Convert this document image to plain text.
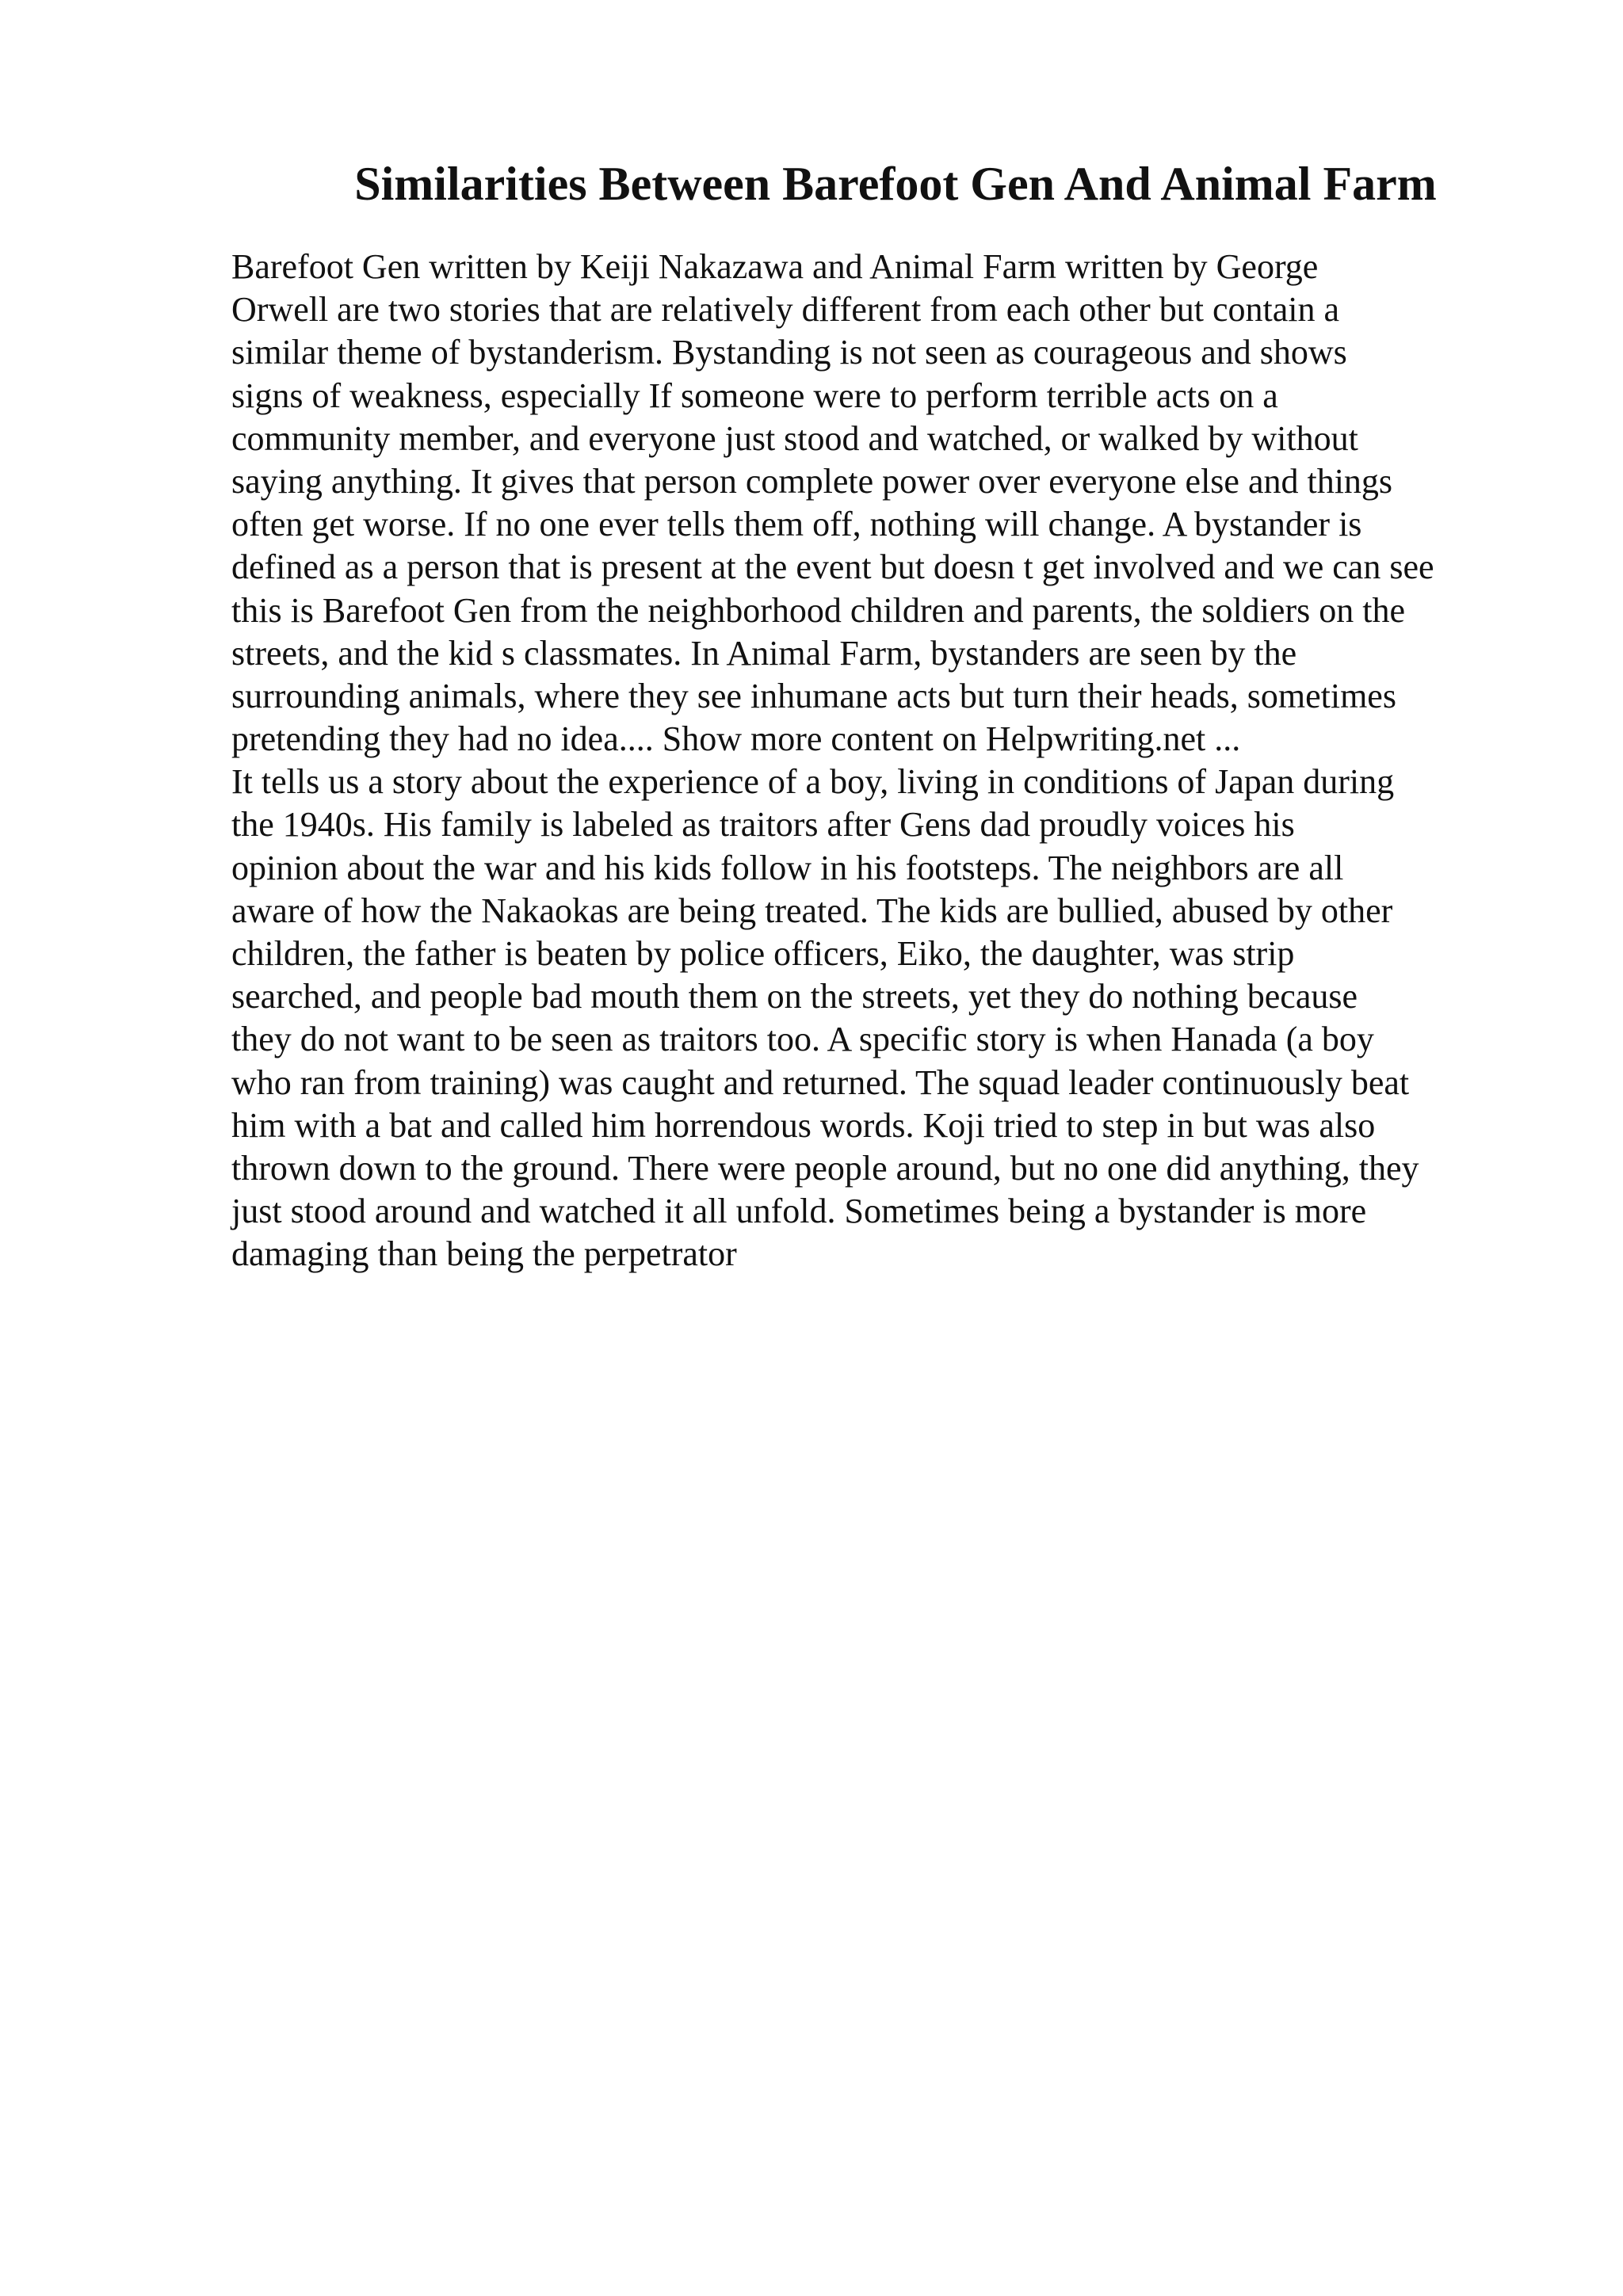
Similarities Between Barefoot Gen And Animal Farm
Barefoot Gen written by Keiji Nakazawa and Animal Farm written by George
Orwell are two stories that are relatively different from each other but contain a
similar theme of bystanderism. Bystanding is not seen as courageous and shows
signs of weakness, especially If someone were to perform terrible acts on a
community member, and everyone just stood and watched, or walked by without
saying anything. It gives that person complete power over everyone else and things
often get worse. If no one ever tells them off, nothing will change. A bystander is
defined as a person that is present at the event but doesn t get involved and we can see
this is Barefoot Gen from the neighborhood children and parents, the soldiers on the
streets, and the kid s classmates. In Animal Farm, bystanders are seen by the
surrounding animals, where they see inhumane acts but turn their heads, sometimes
pretending they had no idea.... Show more content on Helpwriting.net ...
It tells us a story about the experience of a boy, living in conditions of Japan during
the 1940s. His family is labeled as traitors after Gens dad proudly voices his
opinion about the war and his kids follow in his footsteps. The neighbors are all
aware of how the Nakaokas are being treated. The kids are bullied, abused by other
children, the father is beaten by police officers, Eiko, the daughter, was strip
searched, and people bad mouth them on the streets, yet they do nothing because
they do not want to be seen as traitors too. A specific story is when Hanada (a boy
who ran from training) was caught and returned. The squad leader continuously beat
him with a bat and called him horrendous words. Koji tried to step in but was also
thrown down to the ground. There were people around, but no one did anything, they
just stood around and watched it all unfold. Sometimes being a bystander is more
damaging than being the perpetrator
